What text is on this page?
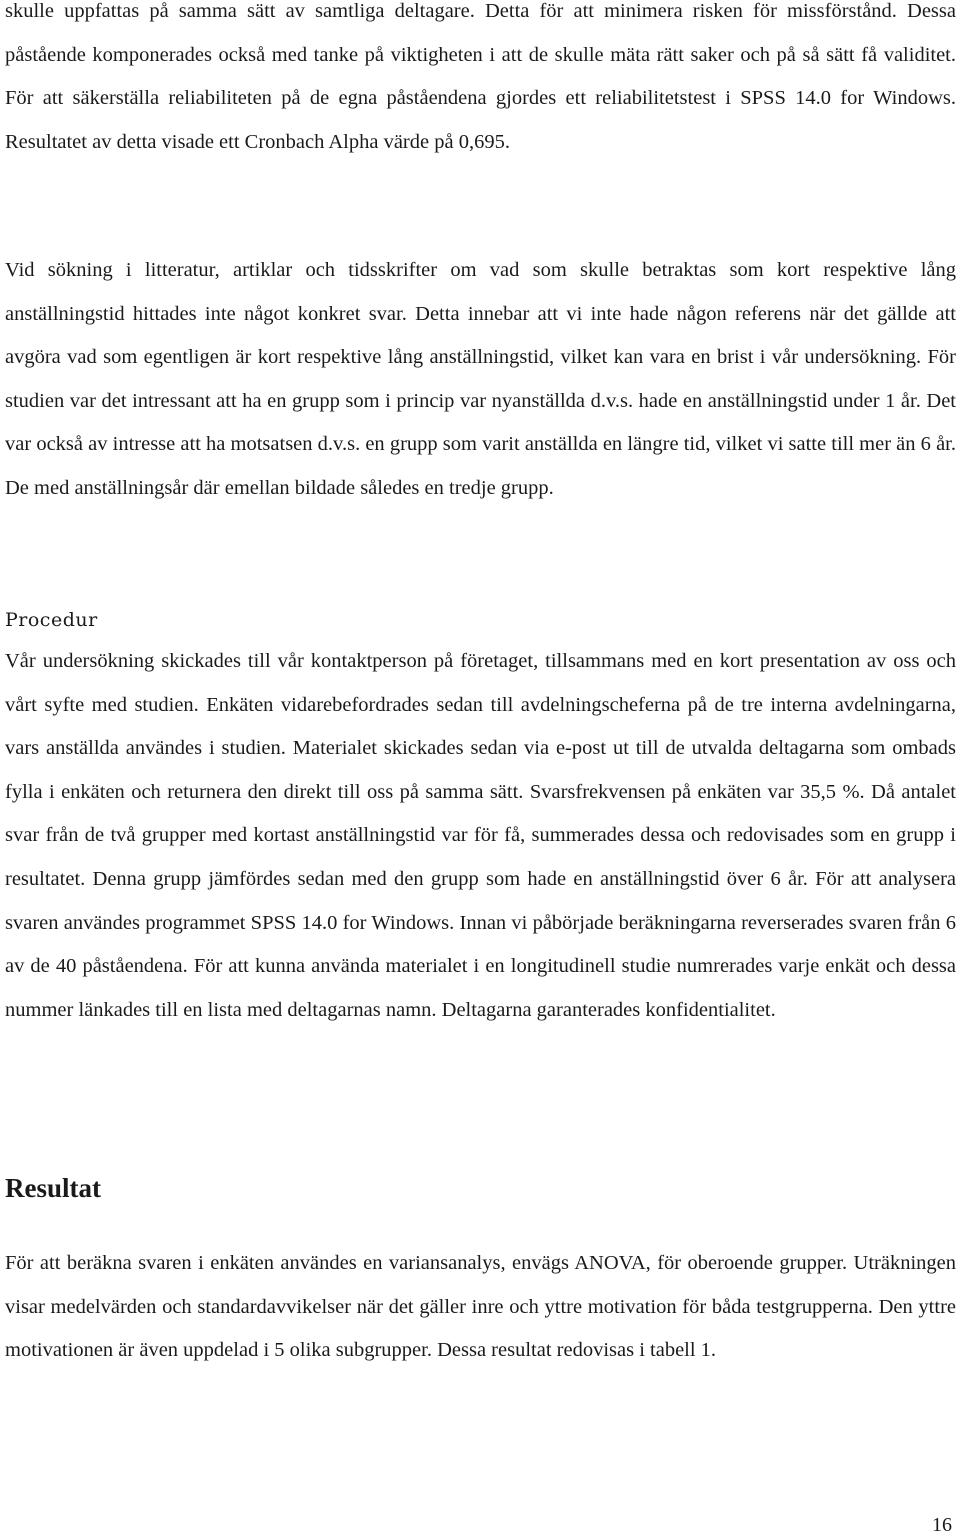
skulle uppfattas på samma sätt av samtliga deltagare. Detta för att minimera risken för missförstånd. Dessa påstående komponerades också med tanke på viktigheten i att de skulle mäta rätt saker och på så sätt få validitet. För att säkerställa reliabiliteten på de egna påståendena gjordes ett reliabilitetstest i SPSS 14.0 for Windows. Resultatet av detta visade ett Cronbach Alpha värde på 0,695.

Vid sökning i litteratur, artiklar och tidsskrifter om vad som skulle betraktas som kort respektive lång anställningstid hittades inte något konkret svar. Detta innebar att vi inte hade någon referens när det gällde att avgöra vad som egentligen är kort respektive lång anställningstid, vilket kan vara en brist i vår undersökning. För studien var det intressant att ha en grupp som i princip var nyanställda d.v.s. hade en anställningstid under 1 år. Det var också av intresse att ha motsatsen d.v.s. en grupp som varit anställda en längre tid, vilket vi satte till mer än 6 år. De med anställningsår där emellan bildade således en tredje grupp.

Procedur

Vår undersökning skickades till vår kontaktperson på företaget, tillsammans med en kort presentation av oss och vårt syfte med studien. Enkäten vidarebefordrades sedan till avdelningscheferna på de tre interna avdelningarna, vars anställda användes i studien. Materialet skickades sedan via e-post ut till de utvalda deltagarna som ombads fylla i enkäten och returnera den direkt till oss på samma sätt. Svarsfrekvensen på enkäten var 35,5 %. Då antalet svar från de två grupper med kortast anställningstid var för få, summerades dessa och redovisades som en grupp i resultatet. Denna grupp jämfördes sedan med den grupp som hade en anställningstid över 6 år. För att analysera svaren användes programmet SPSS 14.0 for Windows. Innan vi påbörjade beräkningarna reverserades svaren från 6 av de 40 påståendena. För att kunna använda materialet i en longitudinell studie numrerades varje enkät och dessa nummer länkades till en lista med deltagarnas namn. Deltagarna garanterades konfidentialitet.

Resultat

För att beräkna svaren i enkäten användes en variansanalys, envägs ANOVA, för oberoende grupper. Uträkningen visar medelvärden och standardavvikelser när det gäller inre och yttre motivation för båda testgrupperna. Den yttre motivationen är även uppdelad i 5 olika subgrupper. Dessa resultat redovisas i tabell 1.

16
